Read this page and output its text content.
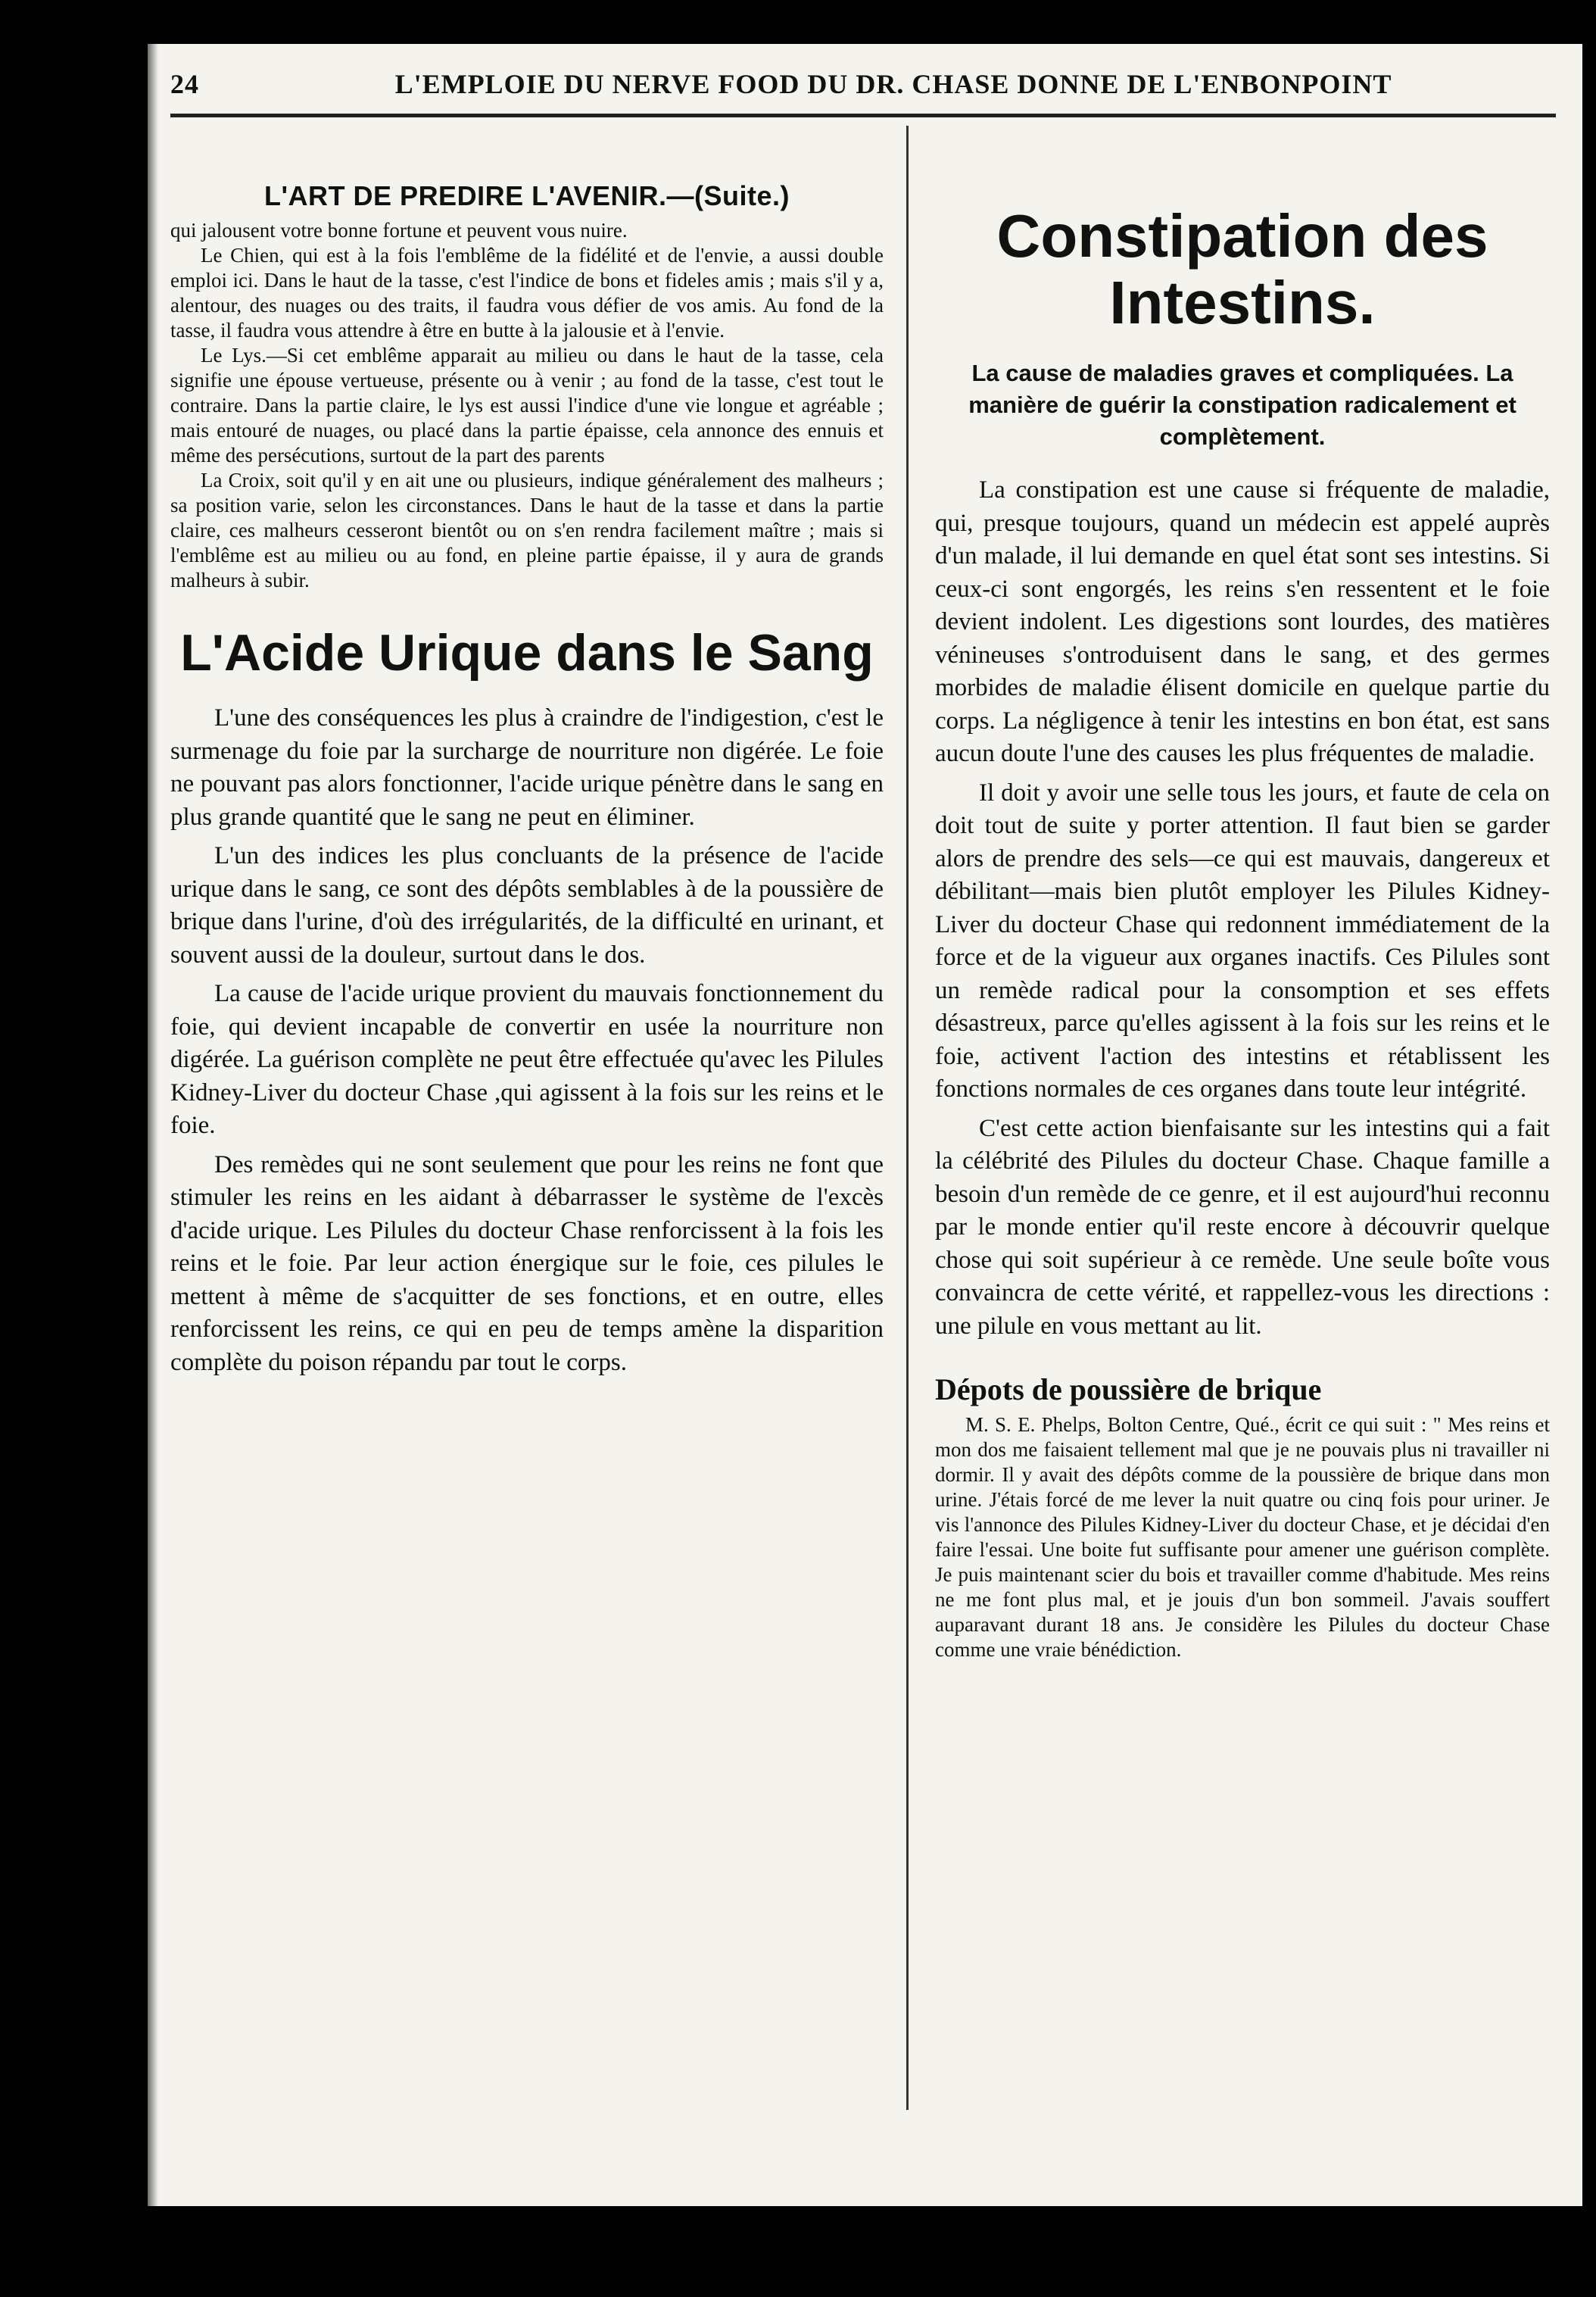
24	L'EMPLOIE DU NERVE FOOD DU DR. CHASE DONNE DE L'ENBONPOINT
L'ART DE PREDIRE L'AVENIR.—(Suite.)

qui jalousent votre bonne fortune et peuvent vous nuire.

Le Chien, qui est à la fois l'emblême de la fidélité et de l'envie, a aussi double emploi ici. Dans le haut de la tasse, c'est l'indice de bons et fideles amis ; mais s'il y a, alentour, des nuages ou des traits, il faudra vous défier de vos amis. Au fond de la tasse, il faudra vous attendre à être en butte à la jalousie et à l'envie.

Le Lys.—Si cet emblême apparait au milieu ou dans le haut de la tasse, cela signifie une épouse vertueuse, présente ou à venir ; au fond de la tasse, c'est tout le contraire. Dans la partie claire, le lys est aussi l'indice d'une vie longue et agréable ; mais entouré de nuages, ou placé dans la partie épaisse, cela annonce des ennuis et même des persécutions, surtout de la part des parents

La Croix, soit qu'il y en ait une ou plusieurs, indique généralement des malheurs ; sa position varie, selon les circonstances. Dans le haut de la tasse et dans la partie claire, ces malheurs cesseront bientôt ou on s'en rendra facilement maître ; mais si l'emblême est au milieu ou au fond, en pleine partie épaisse, il y aura de grands malheurs à subir.

L'Acide Urique dans le Sang

L'une des conséquences les plus à craindre de l'indigestion, c'est le surmenage du foie par la surcharge de nourriture non digérée. Le foie ne pouvant pas alors fonctionner, l'acide urique pénètre dans le sang en plus grande quantité que le sang ne peut en éliminer.

L'un des indices les plus concluants de la présence de l'acide urique dans le sang, ce sont des dépôts semblables à de la poussière de brique dans l'urine, d'où des irrégularités, de la difficulté en urinant, et souvent aussi de la douleur, surtout dans le dos.

La cause de l'acide urique provient du mauvais fonctionnement du foie, qui devient incapable de convertir en usée la nourriture non digérée. La guérison complète ne peut être effectuée qu'avec les Pilules Kidney-Liver du docteur Chase ,qui agissent à la fois sur les reins et le foie.

Des remèdes qui ne sont seulement que pour les reins ne font que stimuler les reins en les aidant à débarrasser le système de l'excès d'acide urique. Les Pilules du docteur Chase renforcissent à la fois les reins et le foie. Par leur action énergique sur le foie, ces pilules le mettent à même de s'acquitter de ses fonctions, et en outre, elles renforcissent les reins, ce qui en peu de temps amène la disparition complète du poison répandu par tout le corps.

Constipation des Intestins.
La cause de maladies graves et compliquées. La manière de guérir la constipation radicalement et complètement.

La constipation est une cause si fréquente de maladie, qui, presque toujours, quand un médecin est appelé auprès d'un malade, il lui demande en quel état sont ses intestins. Si ceux-ci sont engorgés, les reins s'en ressentent et le foie devient indolent. Les digestions sont lourdes, des matières vénineuses s'ontroduisent dans le sang, et des germes morbides de maladie élisent domicile en quelque partie du corps. La négligence à tenir les intestins en bon état, est sans aucun doute l'une des causes les plus fréquentes de maladie.

Il doit y avoir une selle tous les jours, et faute de cela on doit tout de suite y porter attention. Il faut bien se garder alors de prendre des sels—ce qui est mauvais, dangereux et débilitant—mais bien plutôt employer les Pilules Kidney-Liver du docteur Chase qui redonnent immédiatement de la force et de la vigueur aux organes inactifs. Ces Pilules sont un remède radical pour la consomption et ses effets désastreux, parce qu'elles agissent à la fois sur les reins et le foie, activent l'action des intestins et rétablissent les fonctions normales de ces organes dans toute leur intégrité.

C'est cette action bienfaisante sur les intestins qui a fait la célébrité des Pilules du docteur Chase. Chaque famille a besoin d'un remède de ce genre, et il est aujourd'hui reconnu par le monde entier qu'il reste encore à découvrir quelque chose qui soit supérieur à ce remède. Une seule boîte vous convaincra de cette vérité, et rappellez-vous les directions : une pilule en vous mettant au lit.

Dépots de poussière de brique

M. S. E. Phelps, Bolton Centre, Qué., écrit ce qui suit : " Mes reins et mon dos me faisaient tellement mal que je ne pouvais plus ni travailler ni dormir. Il y avait des dépôts comme de la poussière de brique dans mon urine. J'étais forcé de me lever la nuit quatre ou cinq fois pour uriner. Je vis l'annonce des Pilules Kidney-Liver du docteur Chase, et je décidai d'en faire l'essai. Une boite fut suffisante pour amener une guérison complète. Je puis maintenant scier du bois et travailler comme d'habitude. Mes reins ne me font plus mal, et je jouis d'un bon sommeil. J'avais souffert auparavant durant 18 ans. Je considère les Pilules du docteur Chase comme une vraie bénédiction.
